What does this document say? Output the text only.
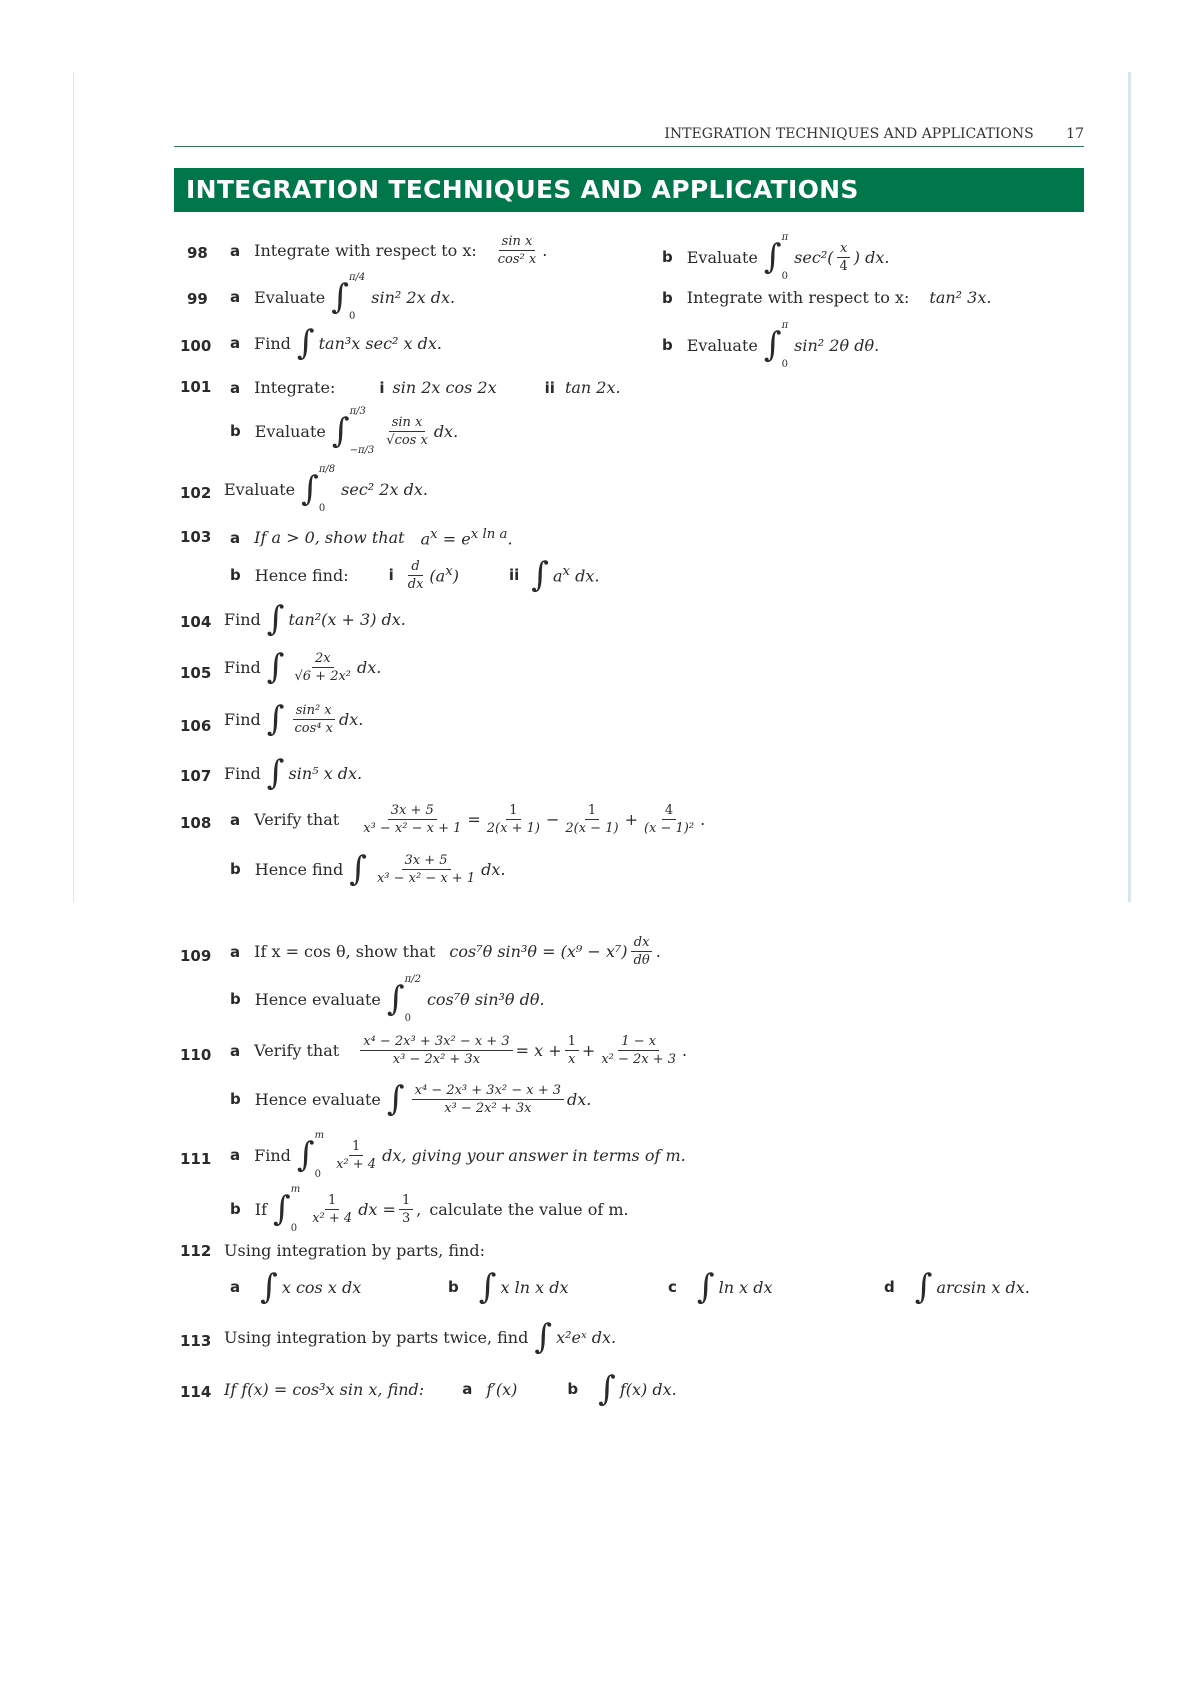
INTEGRATION TECHNIQUES AND APPLICATIONS 17
INTEGRATION TECHNIQUES AND APPLICATIONS
98 a Integrate with respect to x: $\frac{\text{sin x}}{\text{cos² x}}$ .	b Evaluate ∫ π
0
$\sec^2( \frac{x}{4}$ ) dx.
99 a Evaluate ∫ π/4
0
sin² 2x dx.	b Integrate with respect to x: tan² 3x.
100 a Find ∫ tan³x sec² x dx.	b Evaluate ∫ π
0
sin² 2θ dθ.
101 a Integrate:	i sin 2x cos 2x	ii tan 2x.
b Evaluate ∫ π/3
−π/3
$\frac{\text{sin x}}{\text{√cos x}}$ dx.
102 Evaluate ∫ π/8
0
sec² 2x dx.
103 a If a > 0, show that $a^x = e^{x ln a}$.
b Hence find:	i $\frac{d}{dx} (a^x)$	ii ∫ $a^x$ dx.
104 Find ∫ tan²(x + 3) dx.
105 Find ∫ $\frac{2x}{\text{√6 + 2x²}}$ dx.
106 Find ∫ $\frac{\text{sin² x}}{\text{cos⁴ x}}$ dx.
107 Find ∫ sin⁵ x dx.
108 a Verify that $\frac{3x + 5}{\text{x³ − x² − x + 1}} = \frac{1}{2(x + 1)} - \frac{1}{2(x - 1)} + \frac{4}{\text{(x − 1)²}}$ .
b Hence find ∫ $\frac{3x + 5}{\text{x³ − x² − x + 1}}$ dx.
109 a If x = cos θ, show that cos⁷θ $\sin^3\theta = (x^9 - x^7) \frac{dx}{d\theta}$ .
b Hence evaluate ∫ π/2
0
cos⁷θ sin³θ dθ.
110 a Verify that $\frac{\text{x⁴ − 2x³ + 3x² − x + 3}}{\text{x³ − 2x² + 3x}} = x + \frac{1}{x} + \frac{1 - x}{\text{x² − 2x + 3}}$ .
b Hence evaluate ∫ $\frac{\text{x⁴ − 2x³ + 3x² − x + 3}}{\text{x³ − 2x² + 3x}}$ dx.
111 a Find ∫ m
0
$\frac{1}{\text{x² + 4}}$ dx, giving your answer in terms of m.
b If ∫ m
0
$\frac{1}{\text{x² + 4}}$ dx = $\frac{1}{3}$ , calculate the value of m.
112 Using integration by parts, find:
a ∫ x cos x dx	b ∫ x ln x dx	c ∫ ln x dx	d ∫ arcsin x dx.
113 Using integration by parts twice, find ∫ x²eˣ dx.
114 If f(x) = cos³x sin x, find:	a f′(x)	b ∫ f(x) dx.
